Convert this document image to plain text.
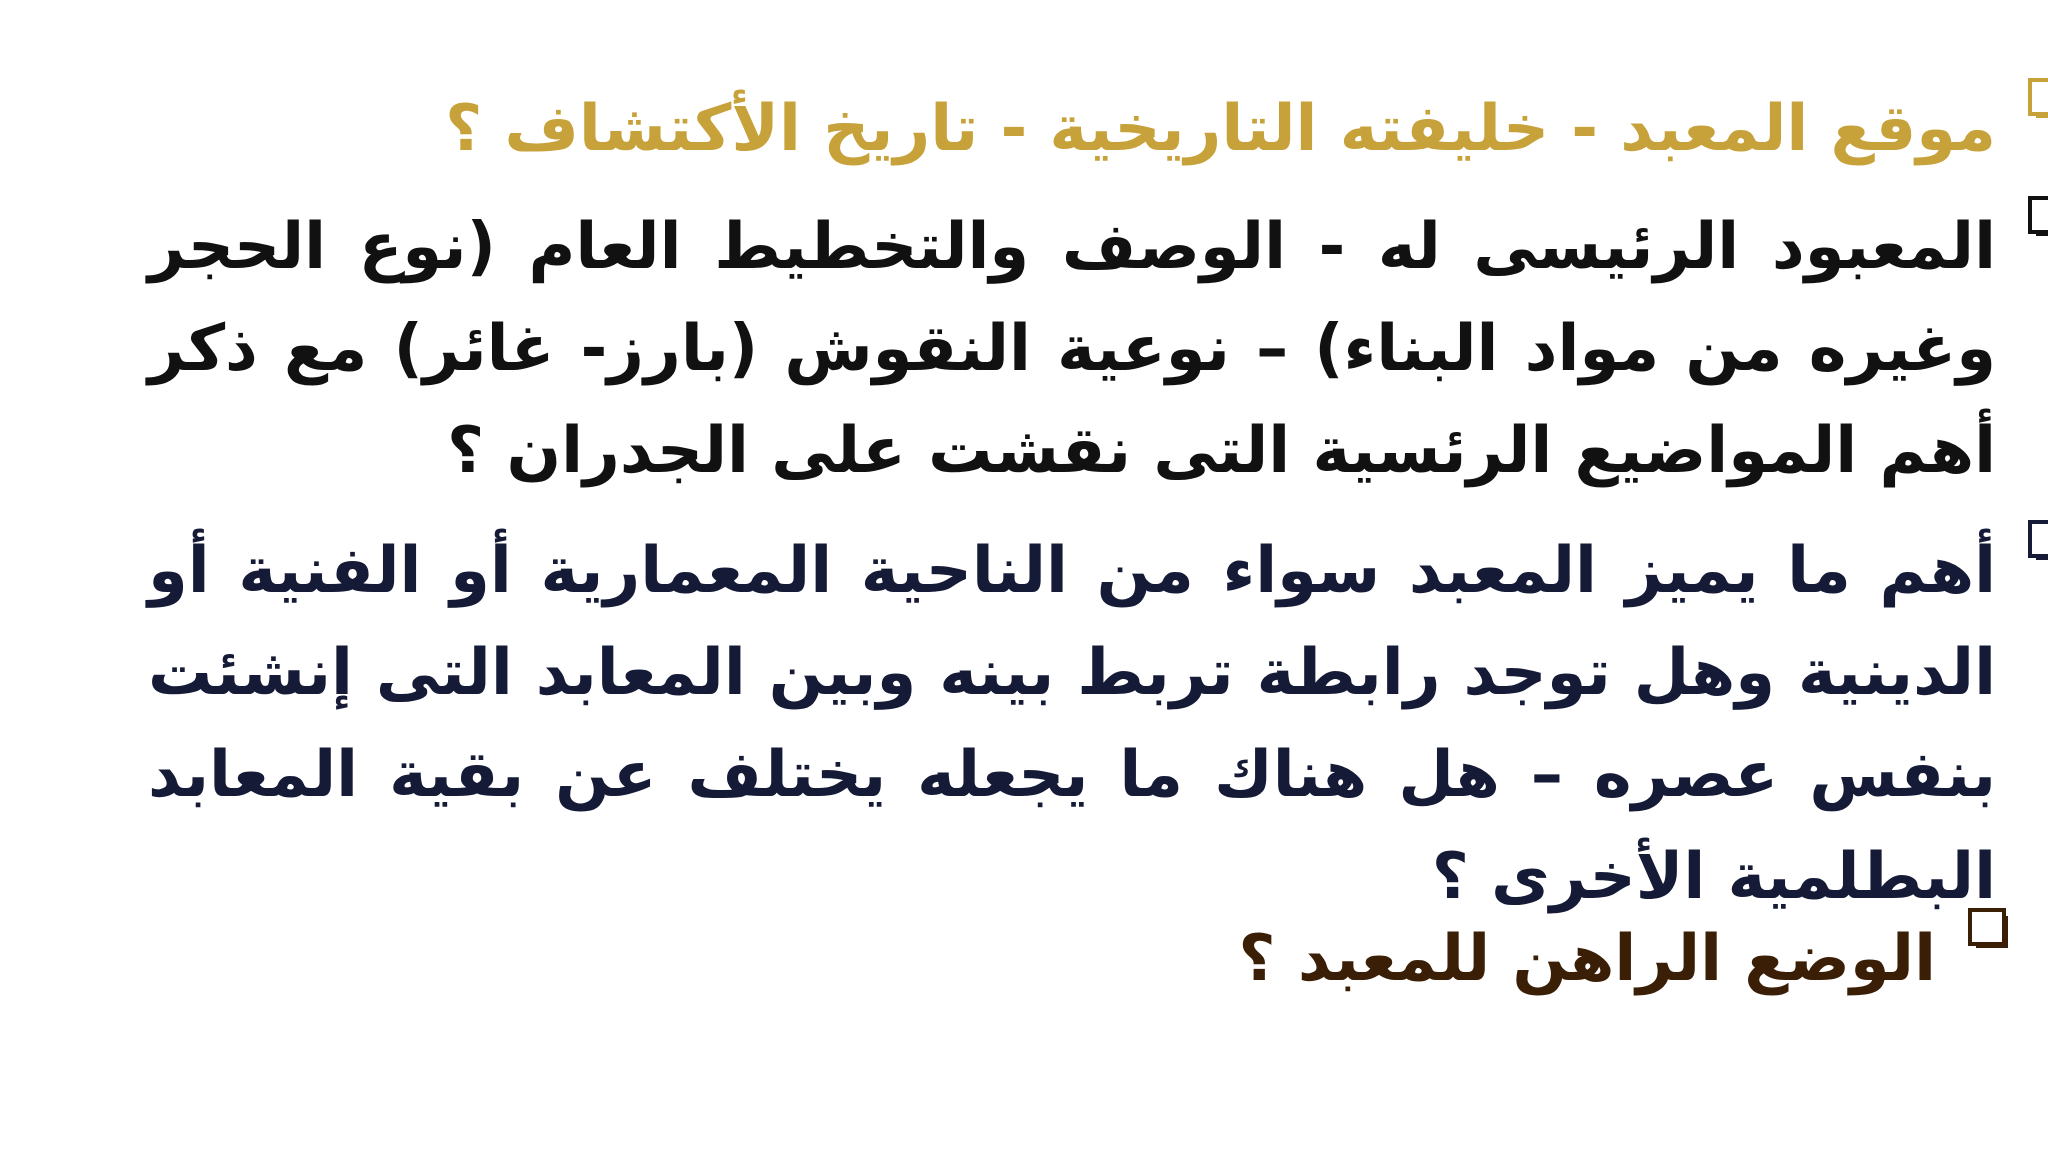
موقع المعبد - خليفته التاريخية - تاريخ الأكتشاف ؟
المعبود الرئيسى له - الوصف والتخطيط العام (نوع الحجر وغيره من مواد البناء) – نوعية النقوش (بارز- غائر) مع ذكر أهم المواضيع الرئسية التى نقشت على الجدران ؟
أهم ما يميز المعبد سواء من الناحية المعمارية أو الفنية أو الدينية وهل توجد رابطة تربط بينه وبين المعابد التى إنشئت بنفس عصره – هل هناك ما يجعله يختلف عن بقية المعابد البطلمية الأخرى ؟
الوضع الراهن للمعبد ؟
